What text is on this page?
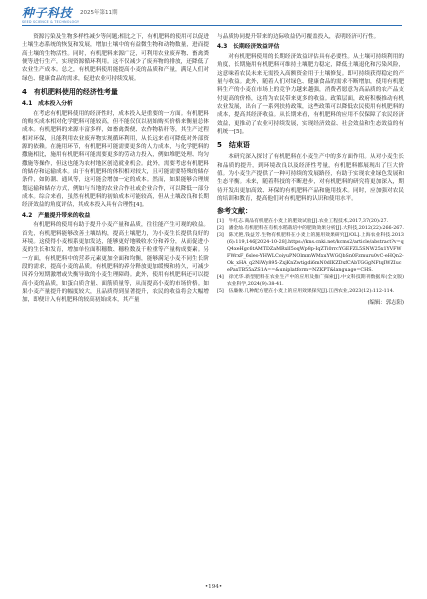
种子科技
SEED SCIENCE & TECHNOLOGY
2025年第11期

资源污染及生物多样性减少等问题;相比之下，有机肥料的使用可以促进土壤生态系统的恢复和发展，增加土壤中的有益微生物和动物数量，进而提高土壤的生物活性。同时，有机肥料来源广泛，可利用农业废弃物、畜禽粪便等进行生产，实现资源循环利用。这不仅减少了废弃物的排放，还降低了农业生产成本。总之，有机肥料使用能提高小麦的品质和产量，满足人们对绿色、健康食品的需求，促进农业可持续发展。

4　有机肥料使用的经济性考量
4.1　成本投入分析

在考虑有机肥料使用的经济性时，成本投入是重要的一方面。有机肥料的购买成本相对化学肥料可能较高，但不能仅仅以初始购买价格来衡量总体成本。有机肥料的来源丰富多样，如畜禽粪便、农作物秸秆等，其生产过程相对环保，且能利用农业废弃物实现循环利用，从长远来看可降低对外部资源的依赖。在施用环节，有机肥料可能需要更多的人力成本，与化学肥料的撒施相比，施用有机肥料可能需要更多的劳动力投入，例如堆肥处理、均匀撒施等操作，但这也能为农村地区创造就业机会。此外，需要考虑有机肥料的储存和运输成本。由于有机肥料的体积相对较大，且可能需要特殊的储存条件，如防潮、通风等，这可能会增加一定的成本。然而，如果能够合理规划运输和储存方式，例如与当地的农业合作社或企业合作，可以降低一部分成本。综合来看，虽然有机肥料的初始成本可能较高，但从土壤改良和长期经济效益的角度评估，其成本投入具有合理性[4]。

4.2　产量提升带来的收益

有机肥料的使用有助于提升小麦产量和品质，往往能产生可观的收益。首先，有机肥料能够改善土壤结构，提高土壤肥力，为小麦生长提供良好的环境。这使得小麦根系更加发达，能够更好地吸收水分和养分，从而促进小麦的生长和发育，增加单位面积穗数、穗粒数及千粒重等产量构成要素。另一方面，有机肥料中的营养元素更加全面和均衡，能够满足小麦不同生长阶段的需求，提高小麦的品质。有机肥料的养分释放更加缓慢和持久，可减少因养分短期激增或失衡导致的小麦生理障碍。此外，使用有机肥料还可以提高小麦的品质，如蛋白质含量、面筋质量等，从而提高小麦的市场价格。如果小麦产量提升的幅度较大，且品质得到显著提升，农民的收益将会大幅增加，即便计入有机肥料的较高初始成本，其产量

与品质协同提升带来的边际收益仍可覆盖投入，表明经济可行性。

4.3　长期经济效益评估

对有机肥料使用的长期经济效益评估具有必要性。从土壤可持续利用的角度，长期施用有机肥料可维持土壤肥力稳定，降低土壤退化和污染风险，这意味着农民未来无需投入高额资金用于土壤修复。即可持续获得稳定的产量与收益。此外，随着人们对绿色、健康食品的需求不断增加，使用有机肥料生产的小麦在市场上的竞争力越来越强，消费者愿意为高品质的农产品支付更高的价格，这将为农民带来更多的收益。政策层面，政府积极推动有机农业发展，出台了一系列扶持政策，这些政策可以降低农民使用有机肥料的成本，提高其经济收益。从长期来看，有机肥料的应用不仅保障了农民经济效益，更推动了农业可持续发展，实现经济效益、社会效益和生态效益的有机统一[5]。

5　结束语

本研究深入探讨了有机肥料在小麦生产中的多方面作用。从对小麦生长和品质的提升，到环境改良以及经济性考量，有机肥料都展现出了巨大价值。为小麦生产提供了一种可持续的发展路径，有助于实现农业绿色发展和生态平衡。未来，随着科技的不断进步，对有机肥料的研究将更加深入，期待开发出更加高效、环保的有机肥料产品和施用技术。同时，应加强对农民的培训和教育，提高他们对有机肥料的认识和使用水平。

参考文献：

[1]　牛红志.商品有机肥在小麦上的肥效试验[J].农业工程技术,2017,37(20):27.

[2]　潘金灿.有机肥料在有机水稻栽培中的肥效效果分析[J].大科技,2012(22):266-267.

[3]　陈光艳,钱益芳.生物有机肥料在小麦上的施用效果研究[J/OL].上海农业科技.2013(6):119,146[2024-10-28].https://kns.cnki.net/kcms2/article/abstract?v=qQ4xeHgc6tAMTDZaMRxlI5oqWp8p-IqZTi0rrcYGEFZL5SNW25x1YVFWFWrxF_6sleo-YHWLCoiyuPNOlmmWMxuYWGQbSn0Fzmuru0vC-eHQn2-Ok_xHA_q2NiWy895-ZxjKnZwtigdi6mN0dIKZDxfCAbTGGgNFtqIWZIucePaxTB55aZS1A==&uniplatform=NZKPT&language=CHS.

[4]　徐光华.新型肥料在农业生产中的应用及推广探索[J].中文科技期刊数据库(全文版)农业科学,2024(9):38-41.

[5]　伍廉俊.几种配方肥在小麦上的应用效果探究[J].江西农业,2023(12):112-114.

(编辑：郭志阳)
•194•
